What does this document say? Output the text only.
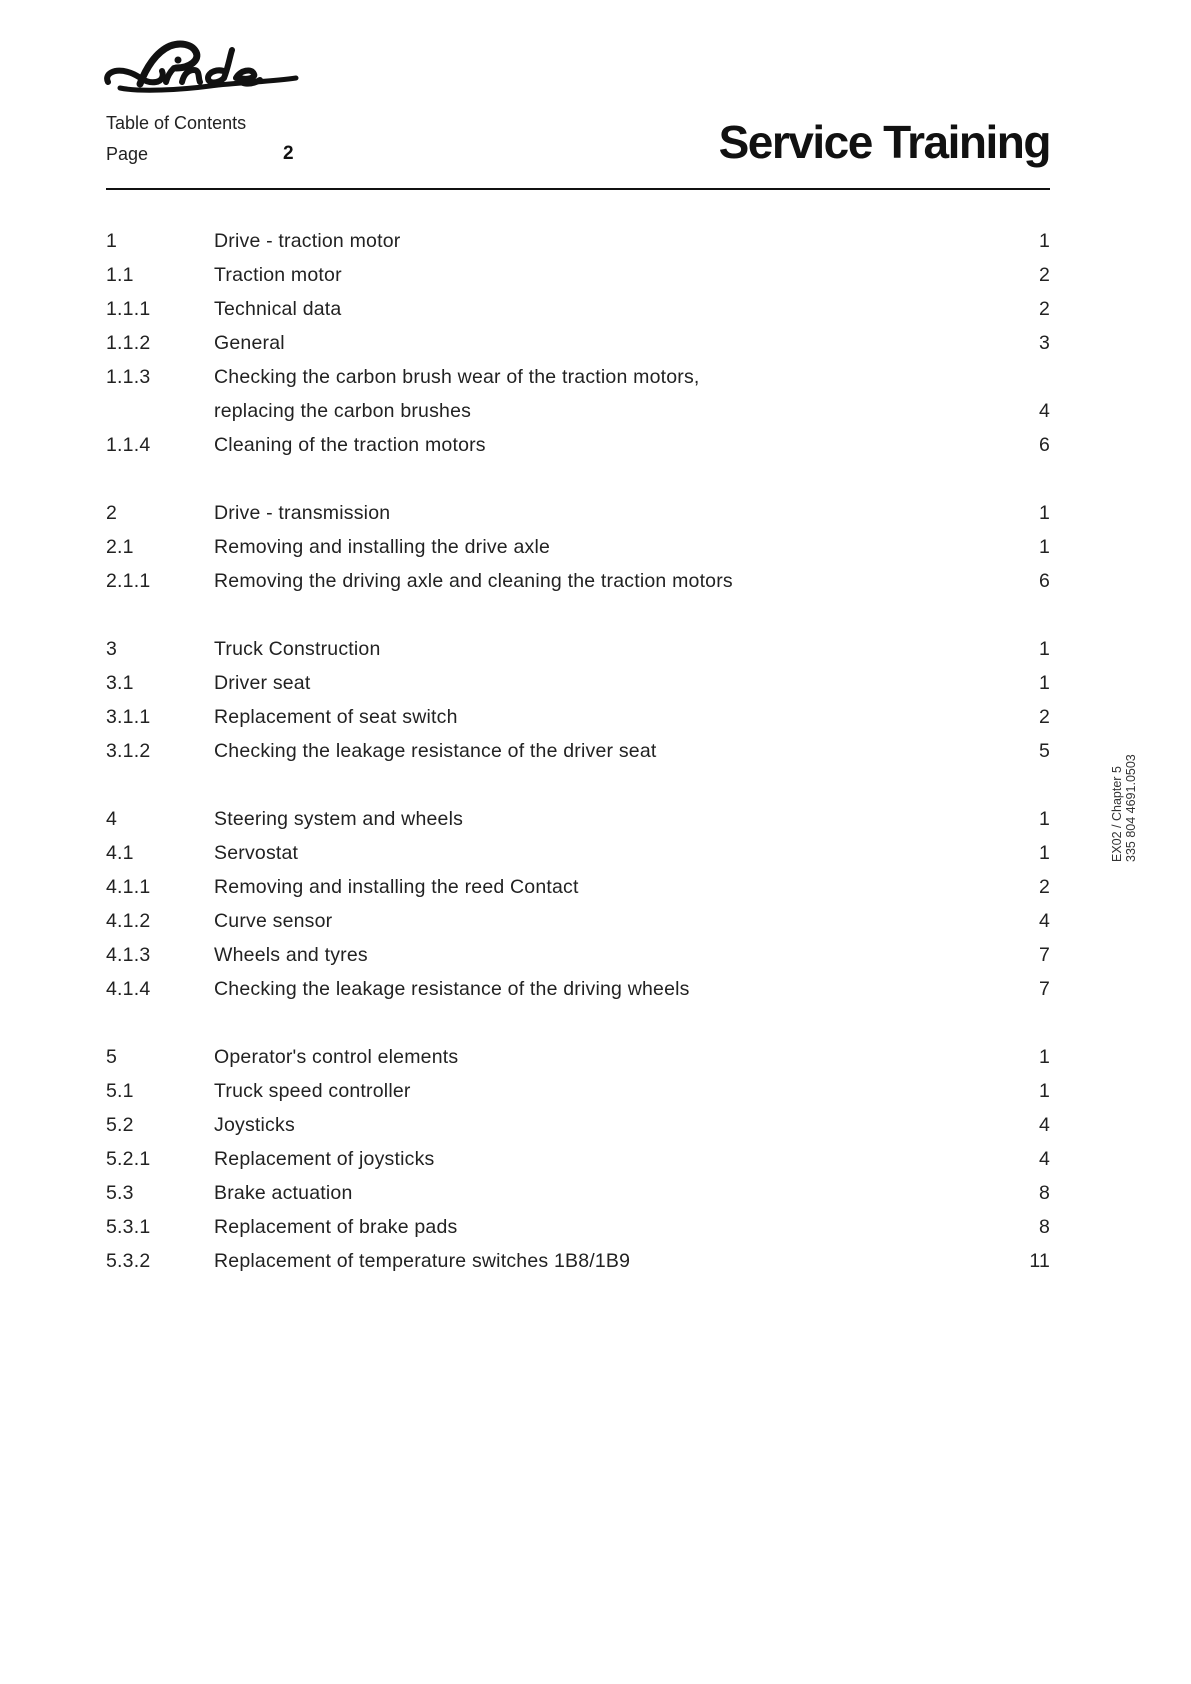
Table of Contents
Page	2	Service Training
1	Drive - traction motor	1
1.1	Traction motor	2
1.1.1	Technical data	2
1.1.2	General	3
1.1.3	Checking the carbon brush wear of the traction motors,
replacing the carbon brushes	4
1.1.4	Cleaning of the traction motors	6
2	Drive - transmission	1
2.1	Removing and installing the drive axle	1
2.1.1	Removing the driving axle and cleaning the traction motors	6
3	Truck Construction	1
3.1	Driver seat	1
3.1.1	Replacement of seat switch	2
3.1.2	Checking the leakage resistance of the driver seat	5
4	Steering system and wheels	1
4.1	Servostat	1
4.1.1	Removing and installing the reed Contact	2
4.1.2	Curve sensor	4
4.1.3	Wheels and tyres	7
4.1.4	Checking the leakage resistance of the driving wheels	7
5	Operator's control elements	1
5.1	Truck speed controller	1
5.2	Joysticks	4
5.2.1	Replacement of joysticks	4
5.3	Brake actuation	8
5.3.1	Replacement of brake pads	8
5.3.2	Replacement of temperature switches 1B8/1B9	11
EX02 / Chapter 5 335 804 4691.0503
